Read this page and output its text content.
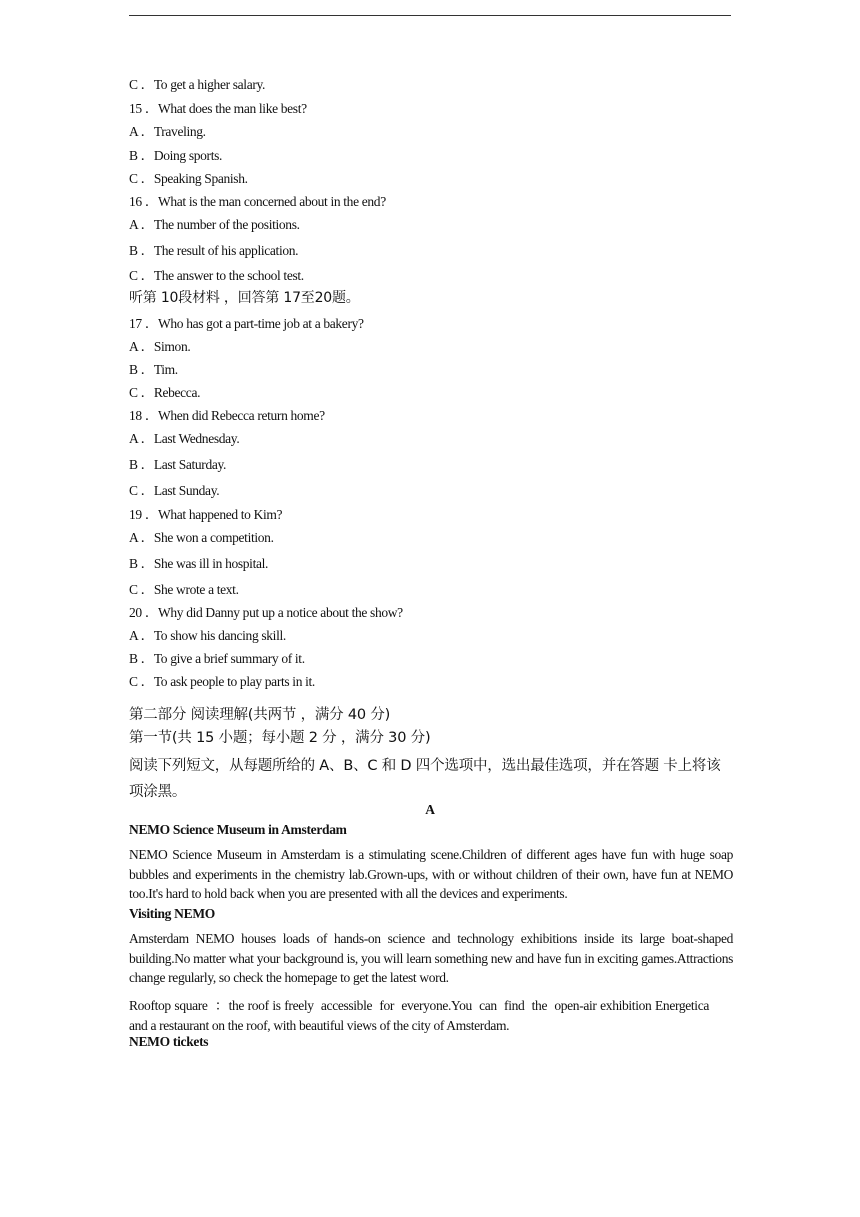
C ．To get a higher salary.
15 ．What does the man like best?
A ．Traveling.
B ．Doing sports.
C ．Speaking Spanish.
16 ．What is the man concerned about in the end?
A ．The number of the positions.
B ．The result of his application.
C ．The answer to the school test.
听第 10段材料 ，回答第 17至20题。
17 ．Who has got a part-time job at a bakery?
A ．Simon.
B ．Tim.
C ．Rebecca.
18 ．When did Rebecca return home?
A ．Last Wednesday.
B ．Last Saturday.
C ．Last Sunday.
19 ．What happened to Kim?
A ．She won a competition.
B ．She was ill in hospital.
C ．She wrote a text.
20 ．Why did Danny put up a notice about the show?
A ．To show his dancing skill.
B ．To give a brief summary of it.
C ．To ask people to play parts in it.
第二部分 阅读理解(共两节 ，满分 40 分)
第一节(共 15 小题；每小题 2 分 ，满分 30 分)
阅读下列短文，从每题所给的 A、B、C 和 D 四个选项中，选出最佳选项，并在答题 卡上将该项涂黑。
A
NEMO Science Museum in Amsterdam
NEMO Science Museum in Amsterdam is a stimulating scene.Children of different ages have fun with huge soap bubbles and experiments in the chemistry lab.Grown-ups, with or without children of their own, have fun at NEMO too.It's hard to hold back when you are presented with all the devices and experiments.
Visiting NEMO
Amsterdam NEMO houses loads of hands-on science and technology exhibitions inside its large boat-shaped building.No matter what your background is, you will learn something new and have fun in exciting games.Attractions change regularly, so check the homepage to get the latest word.
Rooftop square  ：the roof is freely  accessible  for  everyone.You  can  find  the  open-air exhibition Energetica and a restaurant on the roof, with beautiful views of the city of Amsterdam.
NEMO tickets
